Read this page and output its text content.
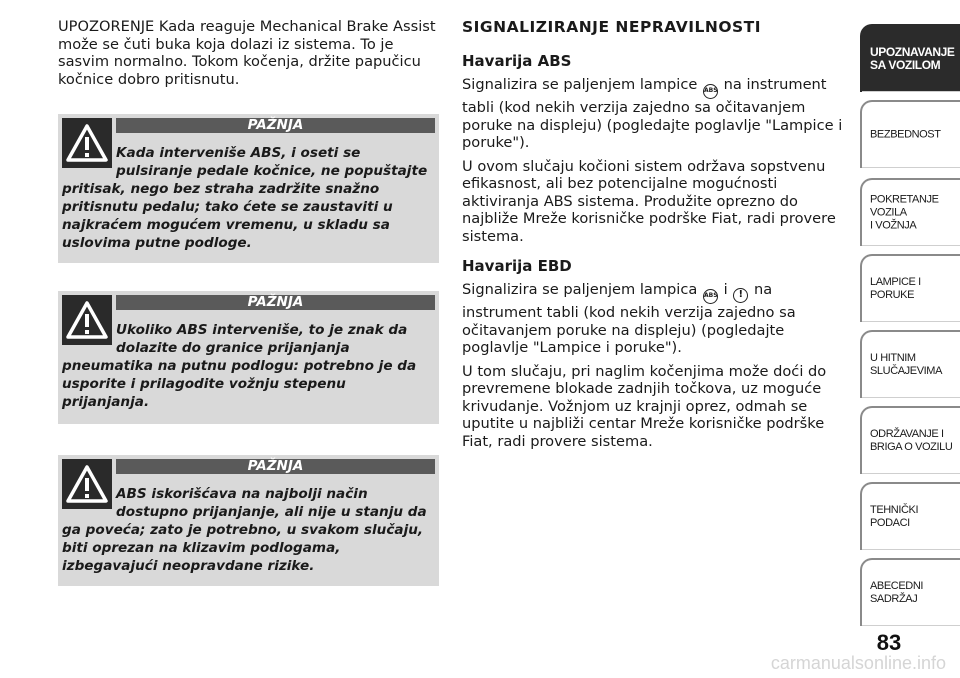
UPOZORENJE Kada reaguje Mechanical Brake Assist može se čuti buka koja dolazi iz sistema. To je sasvim normalno. Tokom kočenja, držite papučicu kočnice dobro pritisnutu.

PAŽNJA
Kada interveniše ABS, i oseti se pulsiranje pedale kočnice, ne popuštajte
pritisak, nego bez straha zadržite snažno pritisnutu pedalu; tako ćete se zaustaviti u najkraćem mogućem vremenu, u skladu sa uslovima putne podloge.
PAŽNJA
Ukoliko ABS interveniše, to je znak da dolazite do granice prijanjanja
pneumatika na putnu podlogu: potrebno je da usporite i prilagodite vožnju stepenu prijanjanja.
PAŽNJA
ABS iskorišćava na najbolji način dostupno prijanjanje, ali nije u stanju da
ga poveća; zato je potrebno, u svakom slučaju, biti oprezan na klizavim podlogama, izbegavajući neopravdane rizike.
SIGNALIZIRANJE NEPRAVILNOSTI
Havarija ABS

Signalizira se paljenjem lampice ABS na instrument tabli (kod nekih verzija zajedno sa očitavanjem poruke na displeju) (pogledajte poglavlje "Lampice i poruke").

U ovom slučaju kočioni sistem održava sopstvenu efikasnost, ali bez potencijalne mogućnosti aktiviranja ABS sistema. Produžite oprezno do najbliže Mreže korisničke podrške Fiat, radi provere sistema.

Havarija EBD

Signalizira se paljenjem lampica ABS i ! na instrument tabli (kod nekih verzija zajedno sa očitavanjem poruke na displeju) (pogledajte poglavlje "Lampice i poruke").

U tom slučaju, pri naglim kočenjima može doći do prevremene blokade zadnjih točkova, uz moguće krivudanje. Vožnjom uz krajnji oprez, odmah se uputite u najbliži centar Mreže korisničke podrške Fiat, radi provere sistema.

UPOZNAVANJE
SA VOZILOM
BEZBEDNOST
POKRETANJE VOZILA
I VOŽNJA
LAMPICE I PORUKE
U HITNIM
SLUČAJEVIMA
ODRŽAVANJE I
BRIGA O VOZILU
TEHNIČKI PODACI
ABECEDNI SADRŽAJ
83
carmanualsonline.info
